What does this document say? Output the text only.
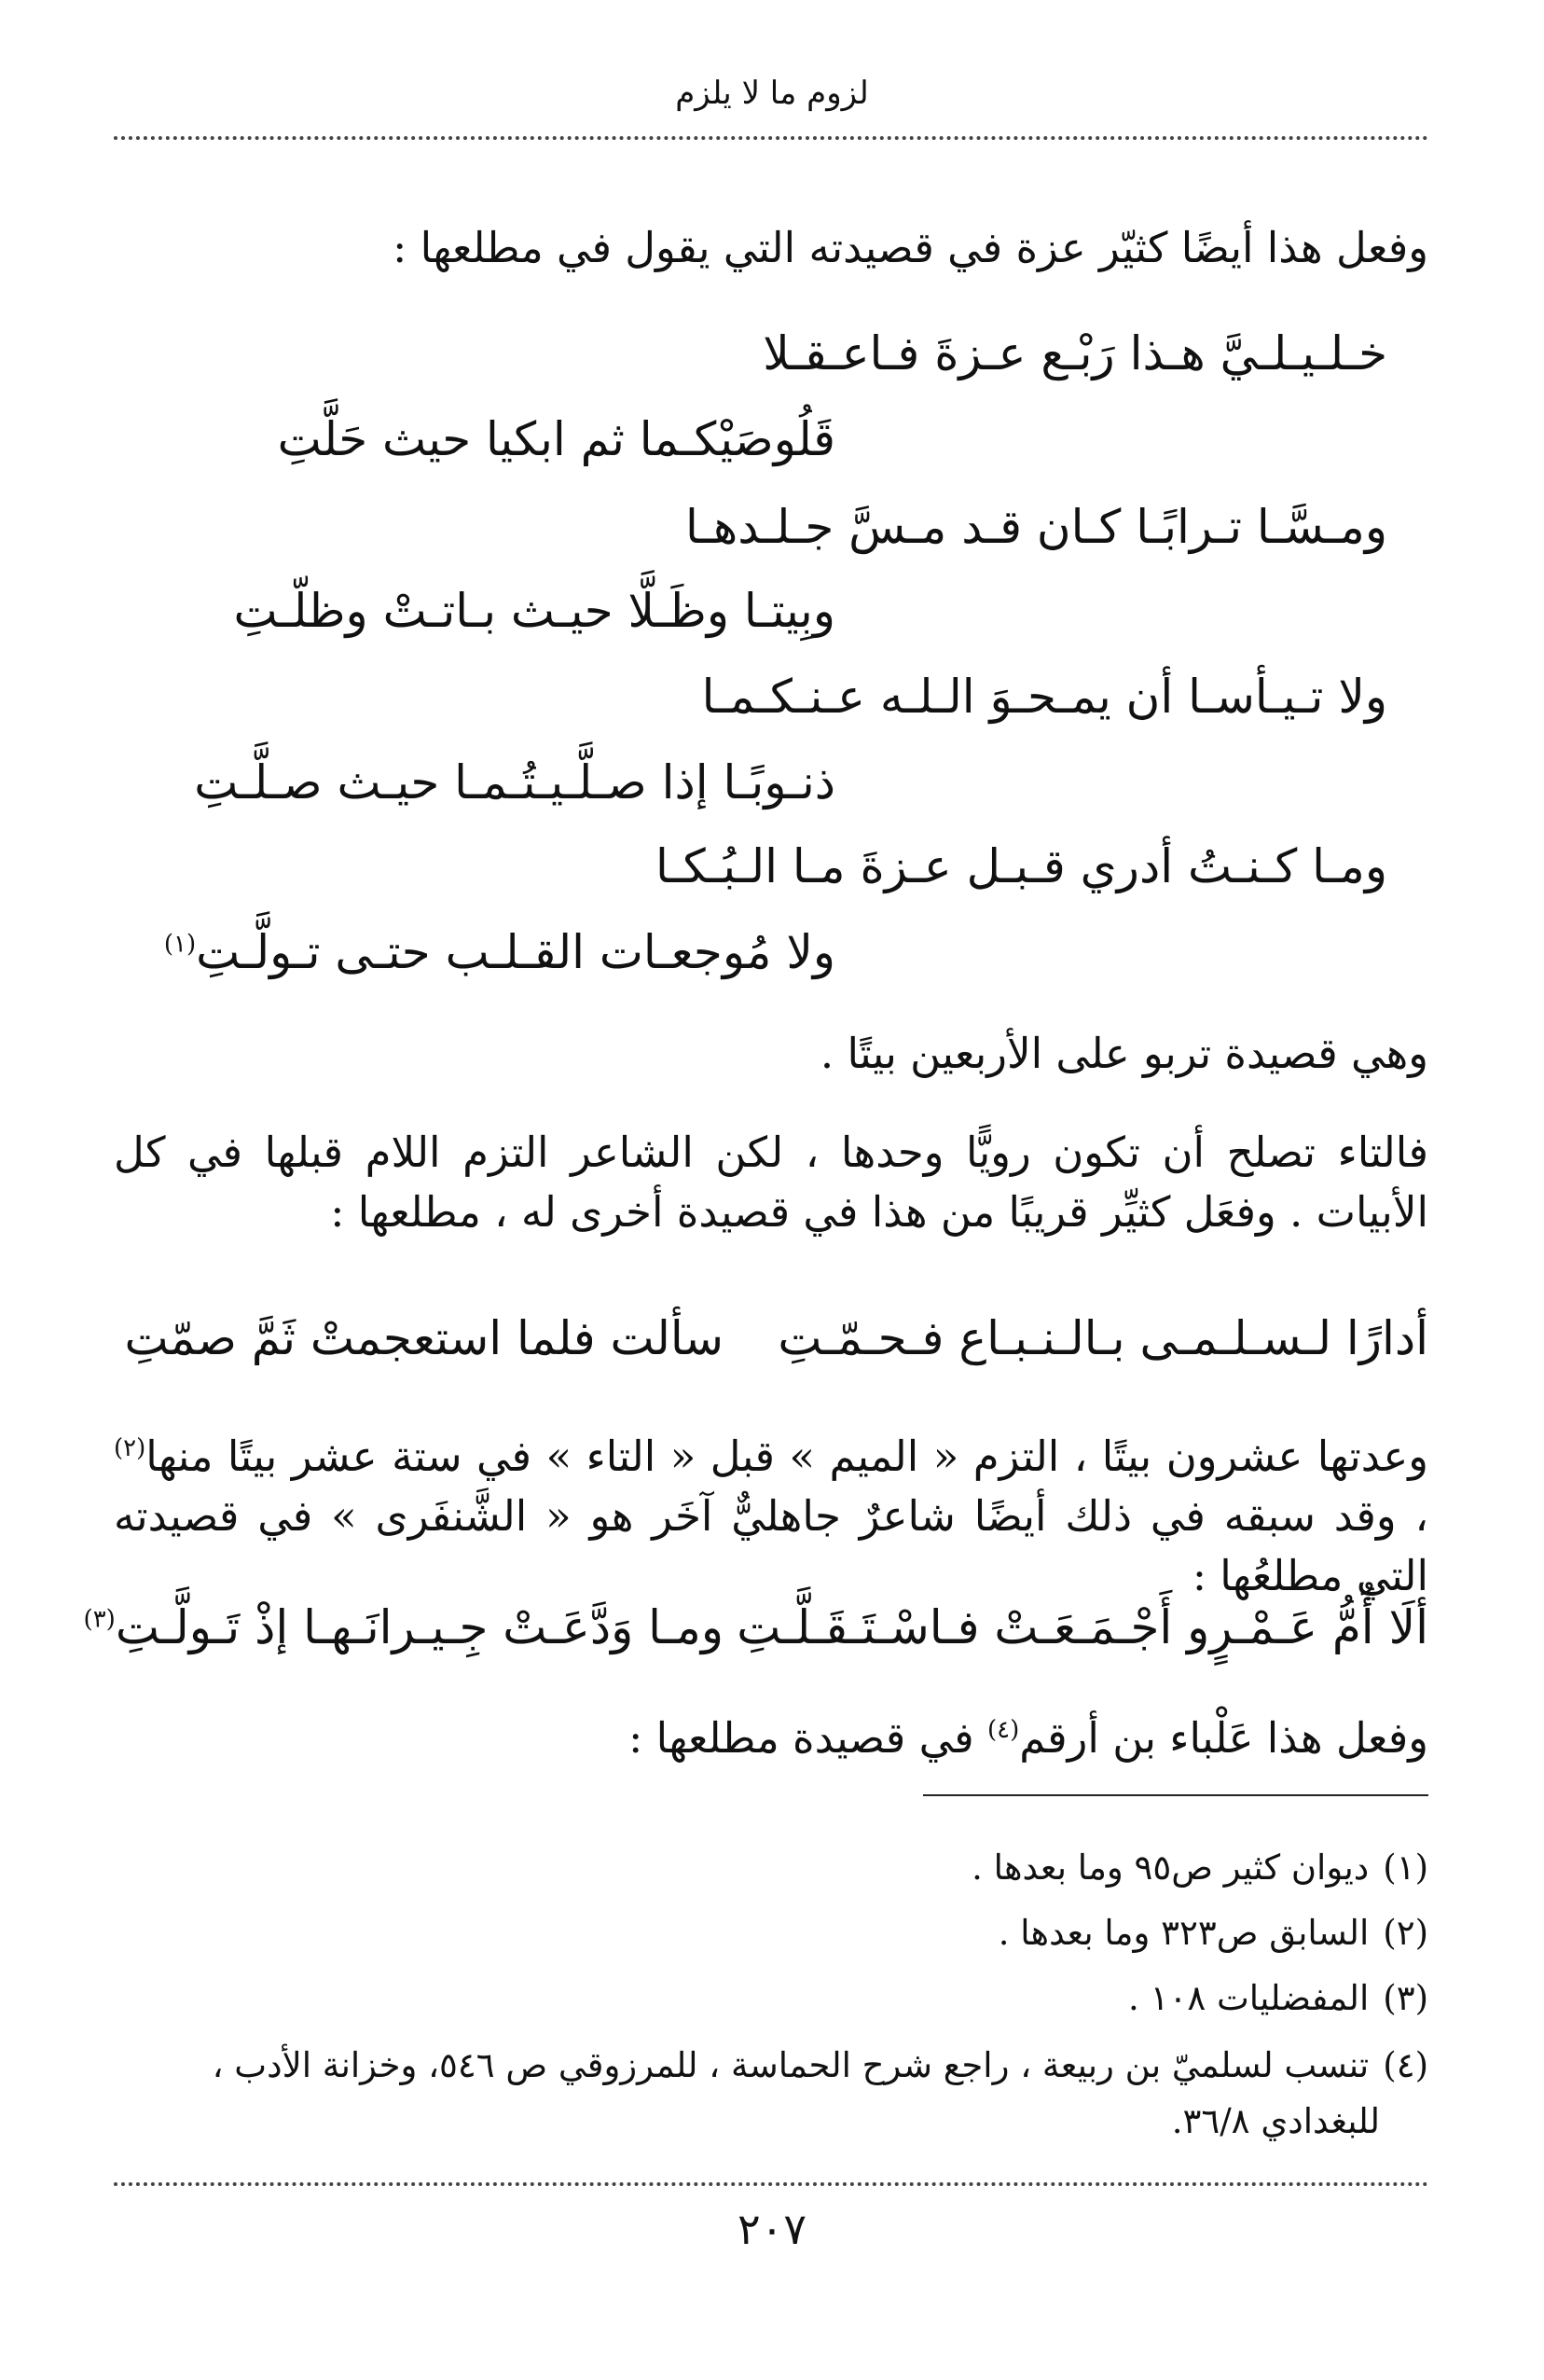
لزوم ما لا يلزم
وفعل هذا أيضًا كثيّر عزة في قصيدته التي يقول في مطلعها :
خـلـيـلـيَّ هـذا رَبْـع عـزةَ فـاعـقـلا
قَلُوصَيْكـما ثم ابكيا حيث حَلَّتِ
ومـسَّـا تـرابًـا كـان قـد مـسَّ جـلـدهـا
وبِيتـا وظَـلَّا حيـث بـاتـتْ وظلّـتِ
ولا تـيـأسـا أن يمـحـوَ الـلـه عـنـكـمـا
ذنـوبًـا إذا صـلَّـيـتُـمـا حيـث صـلَّـتِ
ومـا كـنـتُ أدري قـبـل عـزةَ مـا الـبُـكـا
ولا مُوجعـات القـلـب حتـى تـولَّـتِ$^{(١)}$
وهي قصيدة تربو على الأربعين بيتًا .
فالتاء تصلح أن تكون رويًّا وحدها ، لكن الشاعر التزم اللام قبلها في كل الأبيات . وفعَل كثيِّر قريبًا من هذا في قصيدة أخرى له ، مطلعها :
أدارًا لـسـلـمـى بـالـنـبـاع فـحـمّـتِ
سألت فلما استعجمتْ ثَمَّ صمّتِ
وعدتها عشرون بيتًا ، التزم « الميم » قبل « التاء » في ستة عشر بيتًا منها$^{(٢)}$ ، وقد سبقه في ذلك أيضًا شاعرٌ جاهليٌّ آخَر هو « الشَّنفَرى » في قصيدته التي مطلعُها :
ألَا أُمُّ عَـمْـرٍو أَجْـمَـعَـتْ فـاسْـتَـقَـلَّـتِ
ومـا وَدَّعَـتْ جِـيـرانَـهـا إذْ تَـولَّـتِ$^{(٣)}$
وفعل هذا عَلْباء بن أرقم$^{(٤)}$ في قصيدة مطلعها :
(١) ديوان كثير ص٩٥ وما بعدها .
(٢) السابق ص٣٢٣ وما بعدها .
(٣) المفضليات ١٠٨ .
(٤) تنسب لسلميّ بن ربيعة ، راجع شرح الحماسة ، للمرزوقي ص ٥٤٦، وخزانة الأدب ،
للبغدادي ٣٦/٨.
٢٠٧
